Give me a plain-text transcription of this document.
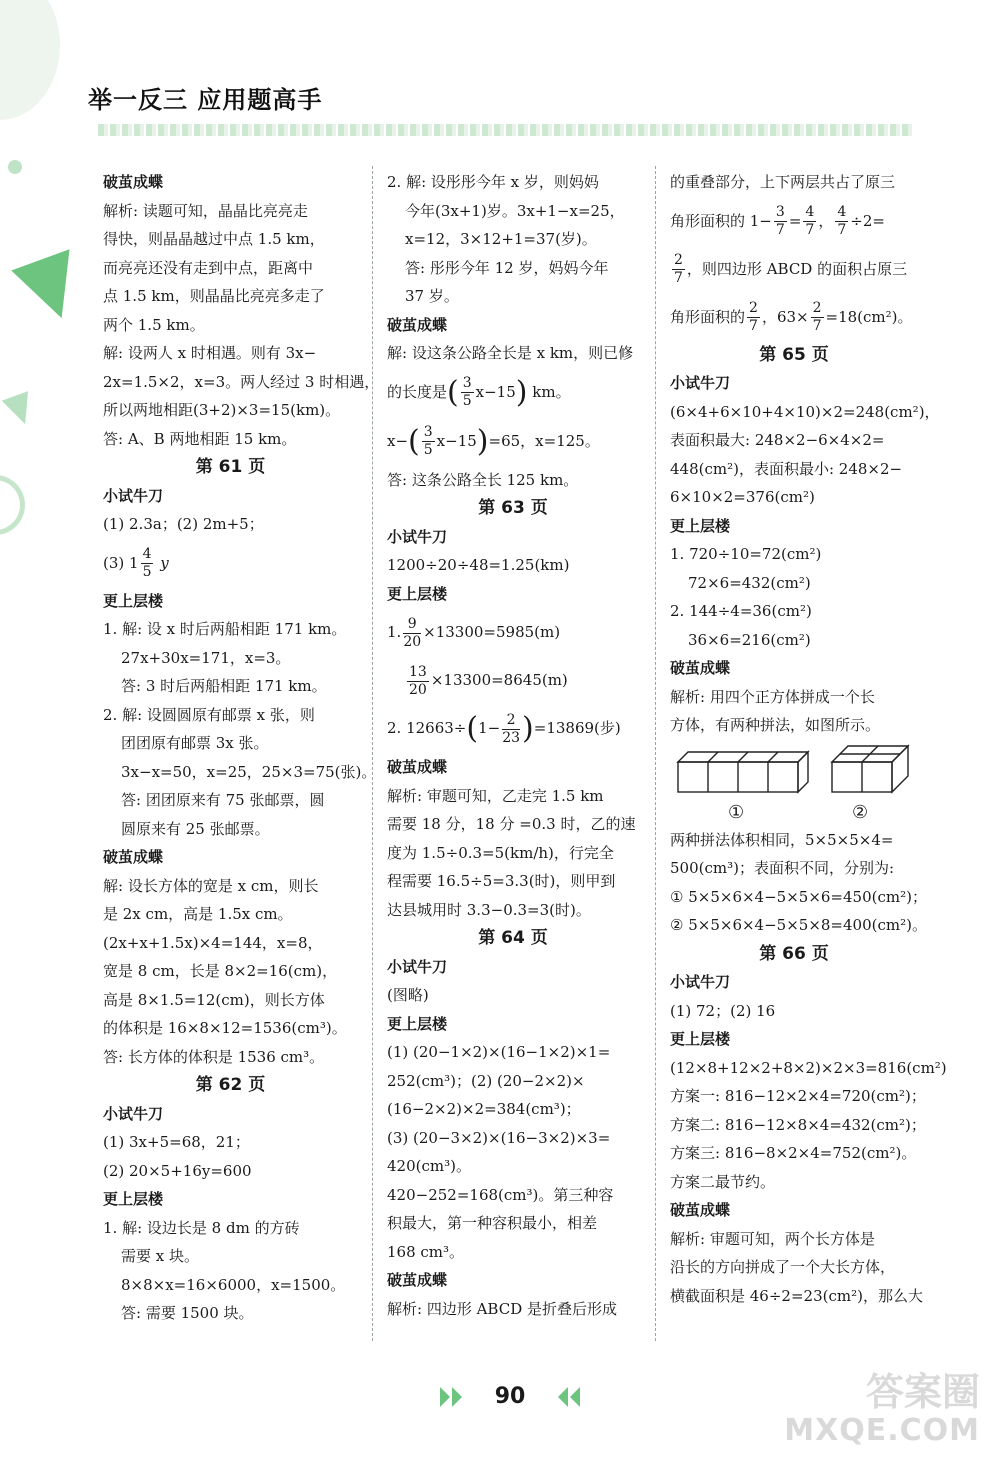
举一反三 应用题高手
破茧成蝶
解析: 读题可知，晶晶比亮亮走
得快，则晶晶越过中点 1.5 km，
而亮亮还没有走到中点，距离中
点 1.5 km，则晶晶比亮亮多走了
两个 1.5 km。
解: 设两人 x 时相遇。则有 3x−
2x=1.5×2，x=3。两人经过 3 时相遇，
所以两地相距(3+2)×3=15(km)。
答: A、B 两地相距 15 km。
第 61 页
小试牛刀
(1) 2.3a；(2) 2m+5；
(3) $1 \frac{4}{5}$ y
更上层楼
1. 解: 设 x 时后两船相距 171 km。
27x+30x=171，x=3。
答: 3 时后两船相距 171 km。
2. 解: 设圆圆原有邮票 x 张，则
团团原有邮票 3x 张。
3x−x=50，x=25，25×3=75(张)。
答: 团团原来有 75 张邮票，圆
圆原来有 25 张邮票。
破茧成蝶
解: 设长方体的宽是 x cm，则长
是 2x cm，高是 1.5x cm。
(2x+x+1.5x)×4=144，x=8，
宽是 8 cm，长是 8×2=16(cm)，
高是 8×1.5=12(cm)，则长方体
的体积是 16×8×12=1536(cm³)。
答: 长方体的体积是 1536 cm³。
第 62 页
小试牛刀
(1) 3x+5=68，21；
(2) 20×5+16y=600
更上层楼
1. 解: 设边长是 8 dm 的方砖
需要 x 块。
8×8×x=16×6000，x=1500。
答: 需要 1500 块。
2. 解: 设彤彤今年 x 岁，则妈妈
今年(3x+1)岁。3x+1−x=25，
x=12，3×12+1=37(岁)。
答: 彤彤今年 12 岁，妈妈今年
37 岁。
破茧成蝶
解: 设这条公路全长是 x km，则已修
的长度是( $\frac{3}{5} x-15$) km。
$x-( \frac{3}{5} x-15)=65$，x=125。
答: 这条公路全长 125 km。
第 63 页
小试牛刀
1200÷20÷48=1.25(km)
更上层楼
1. $\frac{9}{20} \times 13300=5985(m)$
$\frac{13}{20} \times 13300=8645(m)$
2. $12663\div(1- \frac{2}{23} )=13869$(步)
破茧成蝶
解析: 审题可知，乙走完 1.5 km
需要 18 分，18 分 =0.3 时，乙的速
度为 1.5÷0.3=5(km/h)，行完全
程需要 16.5÷5=3.3(时)，则甲到
达县城用时 3.3−0.3=3(时)。
第 64 页
小试牛刀
(图略)
更上层楼
(1) (20−1×2)×(16−1×2)×1=
252(cm³)；(2) (20−2×2)×
(16−2×2)×2=384(cm³)；
(3) (20−3×2)×(16−3×2)×3=
420(cm³)。
420−252=168(cm³)。第三种容
积最大，第一种容积最小，相差
168 cm³。
破茧成蝶
解析: 四边形 ABCD 是折叠后形成
的重叠部分，上下两层共占了原三
角形面积的 $1- \frac{3}{7} = \frac{4}{7}$ ， $\frac{4}{7} \div 2=$
$\frac{2}{7}$ ，则四边形 ABCD 的面积占原三
角形面积的 $\frac{2}{7}$ ，$63\times \frac{2}{7} =18(cm^2)$。
第 65 页
小试牛刀
(6×4+6×10+4×10)×2=248(cm²)，
表面积最大: 248×2−6×4×2=
448(cm²)，表面积最小: 248×2−
6×10×2=376(cm²)
更上层楼
1. 720÷10=72(cm²)
72×6=432(cm²)
2. 144÷4=36(cm²)
36×6=216(cm²)
破茧成蝶
解析: 用四个正方体拼成一个长
方体，有两种拼法，如图所示。
①	②
两种拼法体积相同，5×5×5×4=
500(cm³)；表面积不同，分别为:
① 5×5×6×4−5×5×6=450(cm²)；
② 5×5×6×4−5×5×8=400(cm²)。
第 66 页
小试牛刀
(1) 72；(2) 16
更上层楼
(12×8+12×2+8×2)×2×3=816(cm²)
方案一: 816−12×2×4=720(cm²)；
方案二: 816−12×8×4=432(cm²)；
方案三: 816−8×2×4=752(cm²)。
方案二最节约。
破茧成蝶
解析: 审题可知，两个长方体是
沿长的方向拼成了一个大长方体，
横截面积是 46÷2=23(cm²)，那么大
90	答案圈
MXQE.COM
